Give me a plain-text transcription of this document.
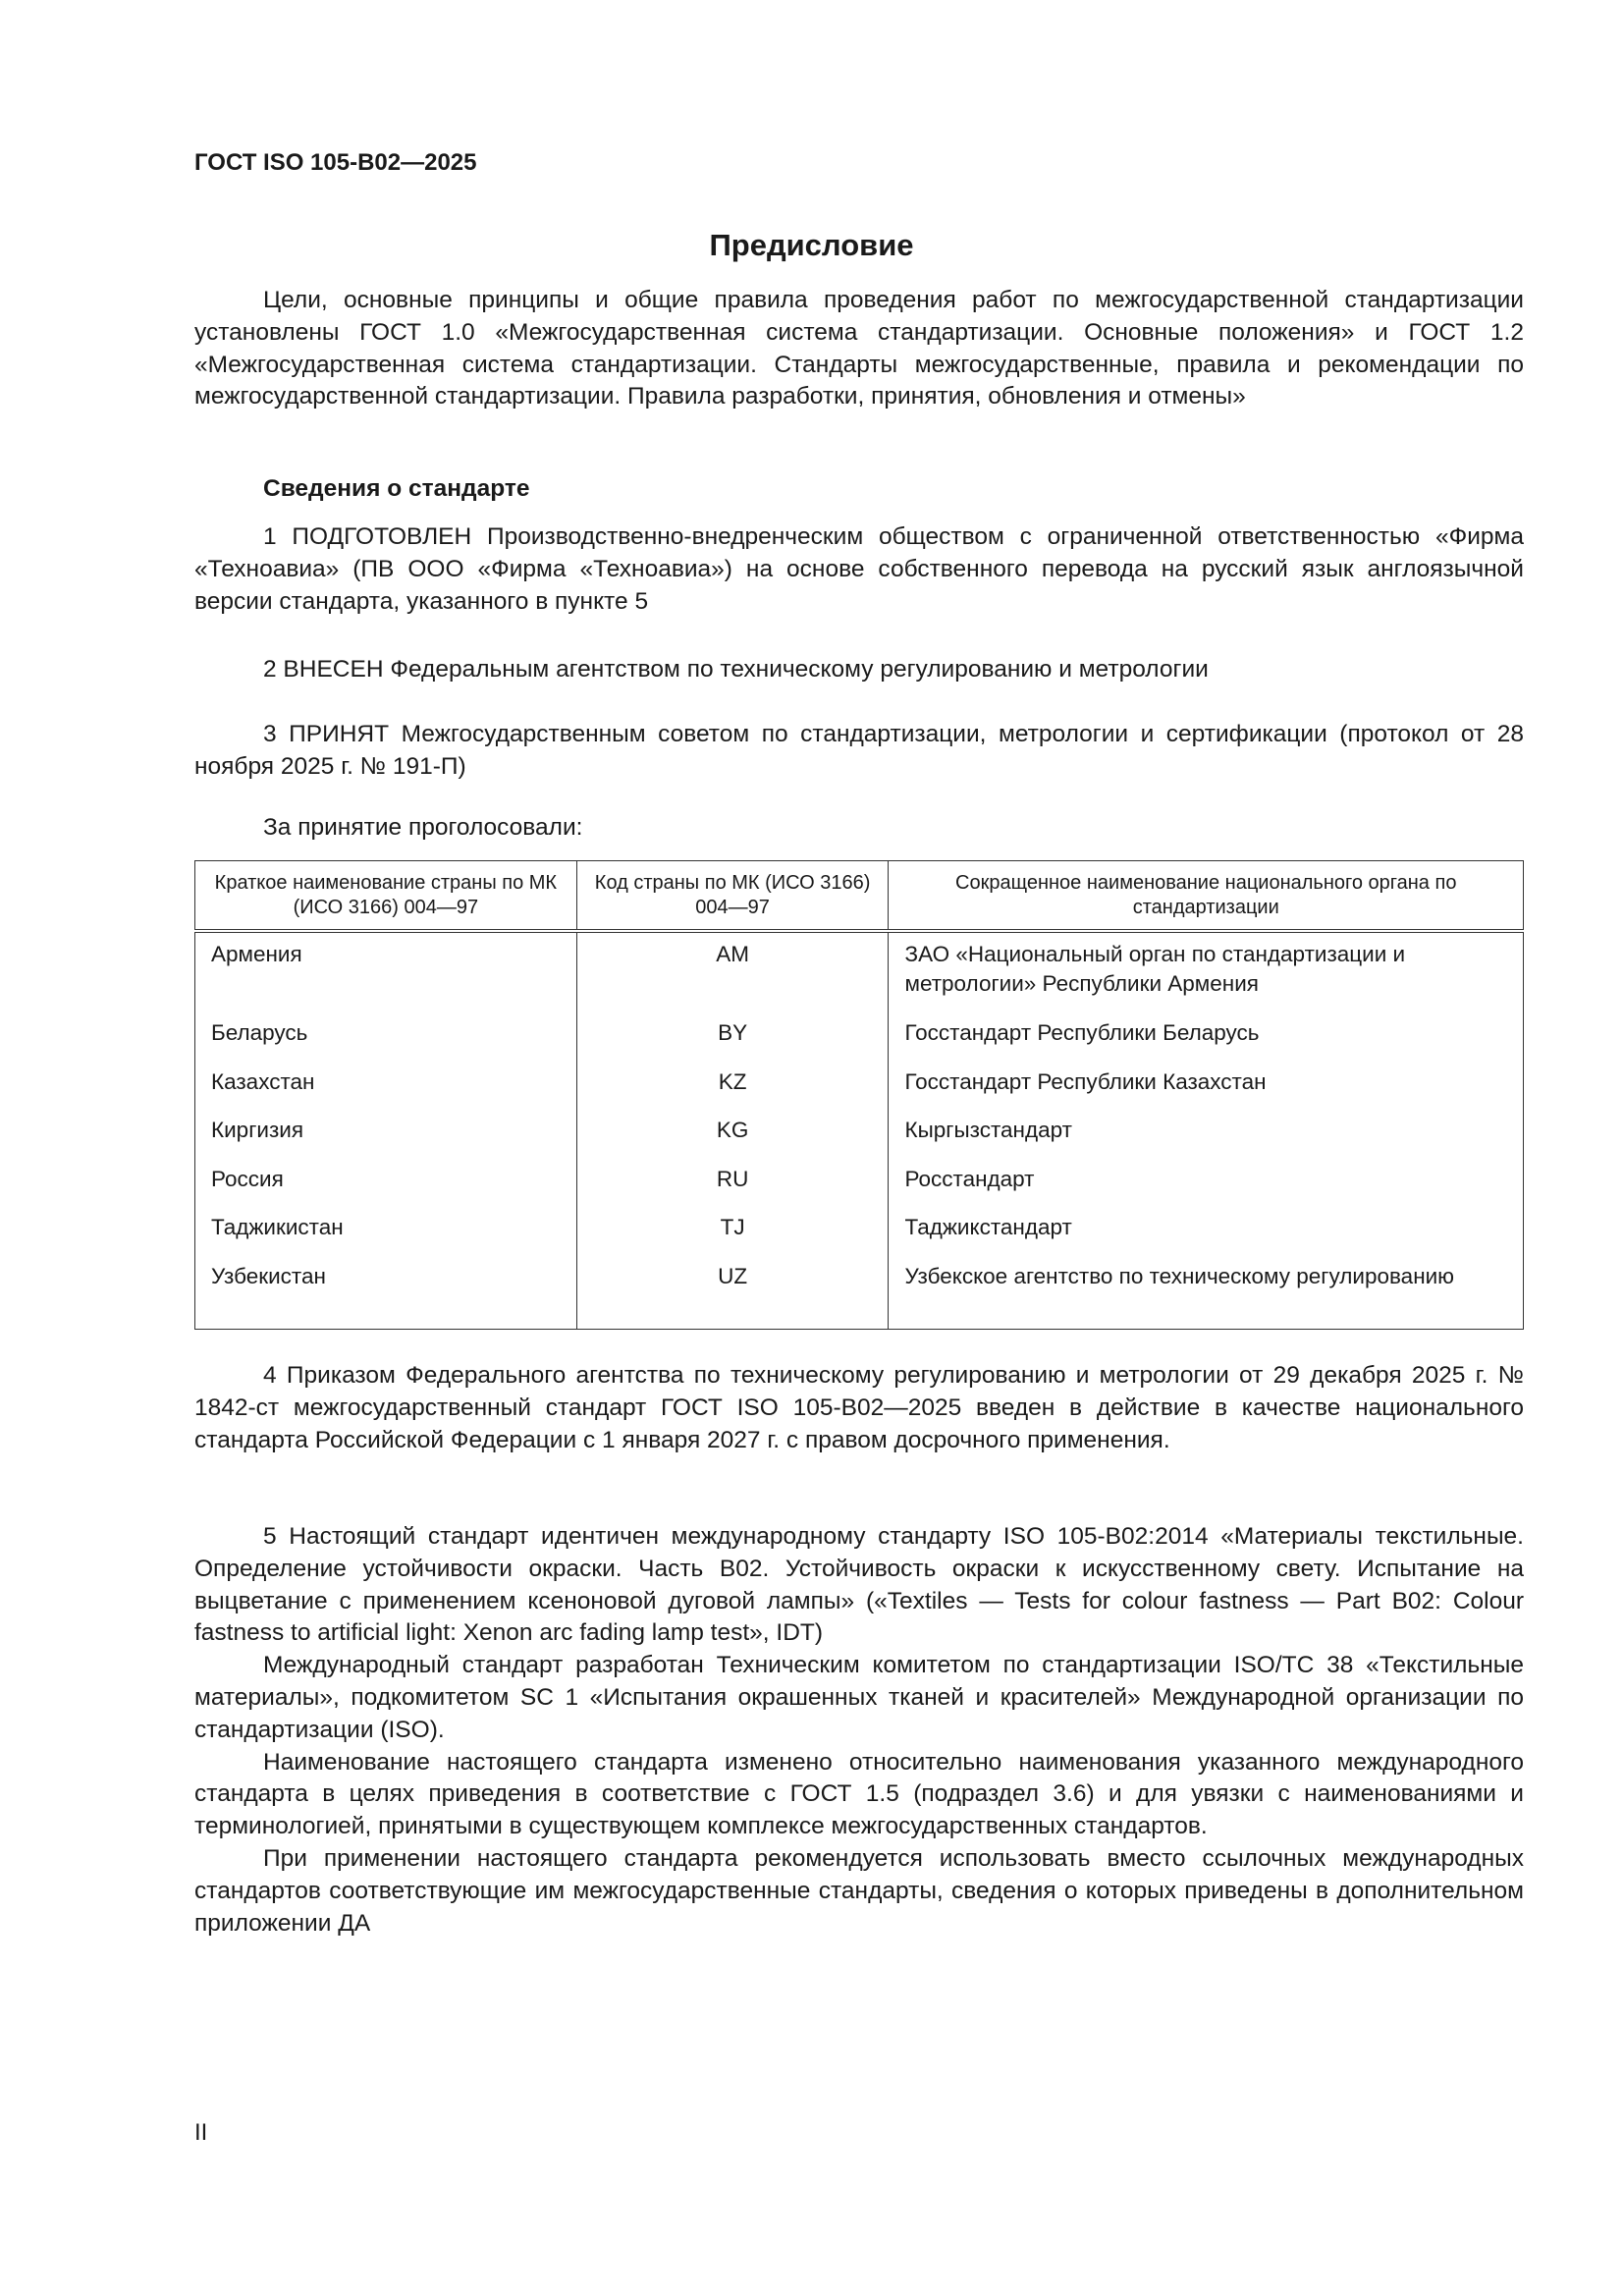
ГОСТ ISO 105-B02—2025
Предисловие

Цели, основные принципы и общие правила проведения работ по межгосударственной стандартизации установлены ГОСТ 1.0 «Межгосударственная система стандартизации. Основные положения» и ГОСТ 1.2 «Межгосударственная система стандартизации. Стандарты межгосударственные, правила и рекомендации по межгосударственной стандартизации. Правила разработки, принятия, обновления и отмены»

Сведения о стандарте

1 ПОДГОТОВЛЕН Производственно-внедренческим обществом с ограниченной ответственностью «Фирма «Техноавиа» (ПВ ООО «Фирма «Техноавиа») на основе собственного перевода на русский язык англоязычной версии стандарта, указанного в пункте 5

2 ВНЕСЕН Федеральным агентством по техническому регулированию и метрологии

3 ПРИНЯТ Межгосударственным советом по стандартизации, метрологии и сертификации (протокол от 28 ноября 2025 г. № 191-П)

За принятие проголосовали:
Краткое наименование страны по МК (ИСО 3166) 004—97	Код страны по МК (ИСО 3166) 004—97	Сокращенное наименование национального органа по стандартизации
Армения	AM	ЗАО «Национальный орган по стандартизации и метрологии» Республики Армения
Беларусь	BY	Госстандарт Республики Беларусь
Казахстан	KZ	Госстандарт Республики Казахстан
Киргизия	KG	Кыргызстандарт
Россия	RU	Росстандарт
Таджикистан	TJ	Таджикстандарт
Узбекистан	UZ	Узбекское агентство по техническому регулированию

4 Приказом Федерального агентства по техническому регулированию и метрологии от 29 декабря 2025 г. № 1842-ст межгосударственный стандарт ГОСТ ISO 105-B02—2025 введен в действие в качестве национального стандарта Российской Федерации с 1 января 2027 г. с правом досрочного применения.

5 Настоящий стандарт идентичен международному стандарту ISO 105-B02:2014 «Материалы текстильные. Определение устойчивости окраски. Часть B02. Устойчивость окраски к искусственному свету. Испытание на выцветание с применением ксеноновой дуговой лампы» («Textiles — Tests for colour fastness — Part B02: Colour fastness to artificial light: Xenon arc fading lamp test», IDT)

Международный стандарт разработан Техническим комитетом по стандартизации ISO/TC 38 «Текстильные материалы», подкомитетом SC 1 «Испытания окрашенных тканей и красителей» Международной организации по стандартизации (ISO).

Наименование настоящего стандарта изменено относительно наименования указанного международного стандарта в целях приведения в соответствие с ГОСТ 1.5 (подраздел 3.6) и для увязки с наименованиями и терминологией, принятыми в существующем комплексе межгосударственных стандартов.

При применении настоящего стандарта рекомендуется использовать вместо ссылочных международных стандартов соответствующие им межгосударственные стандарты, сведения о которых приведены в дополнительном приложении ДА

II
